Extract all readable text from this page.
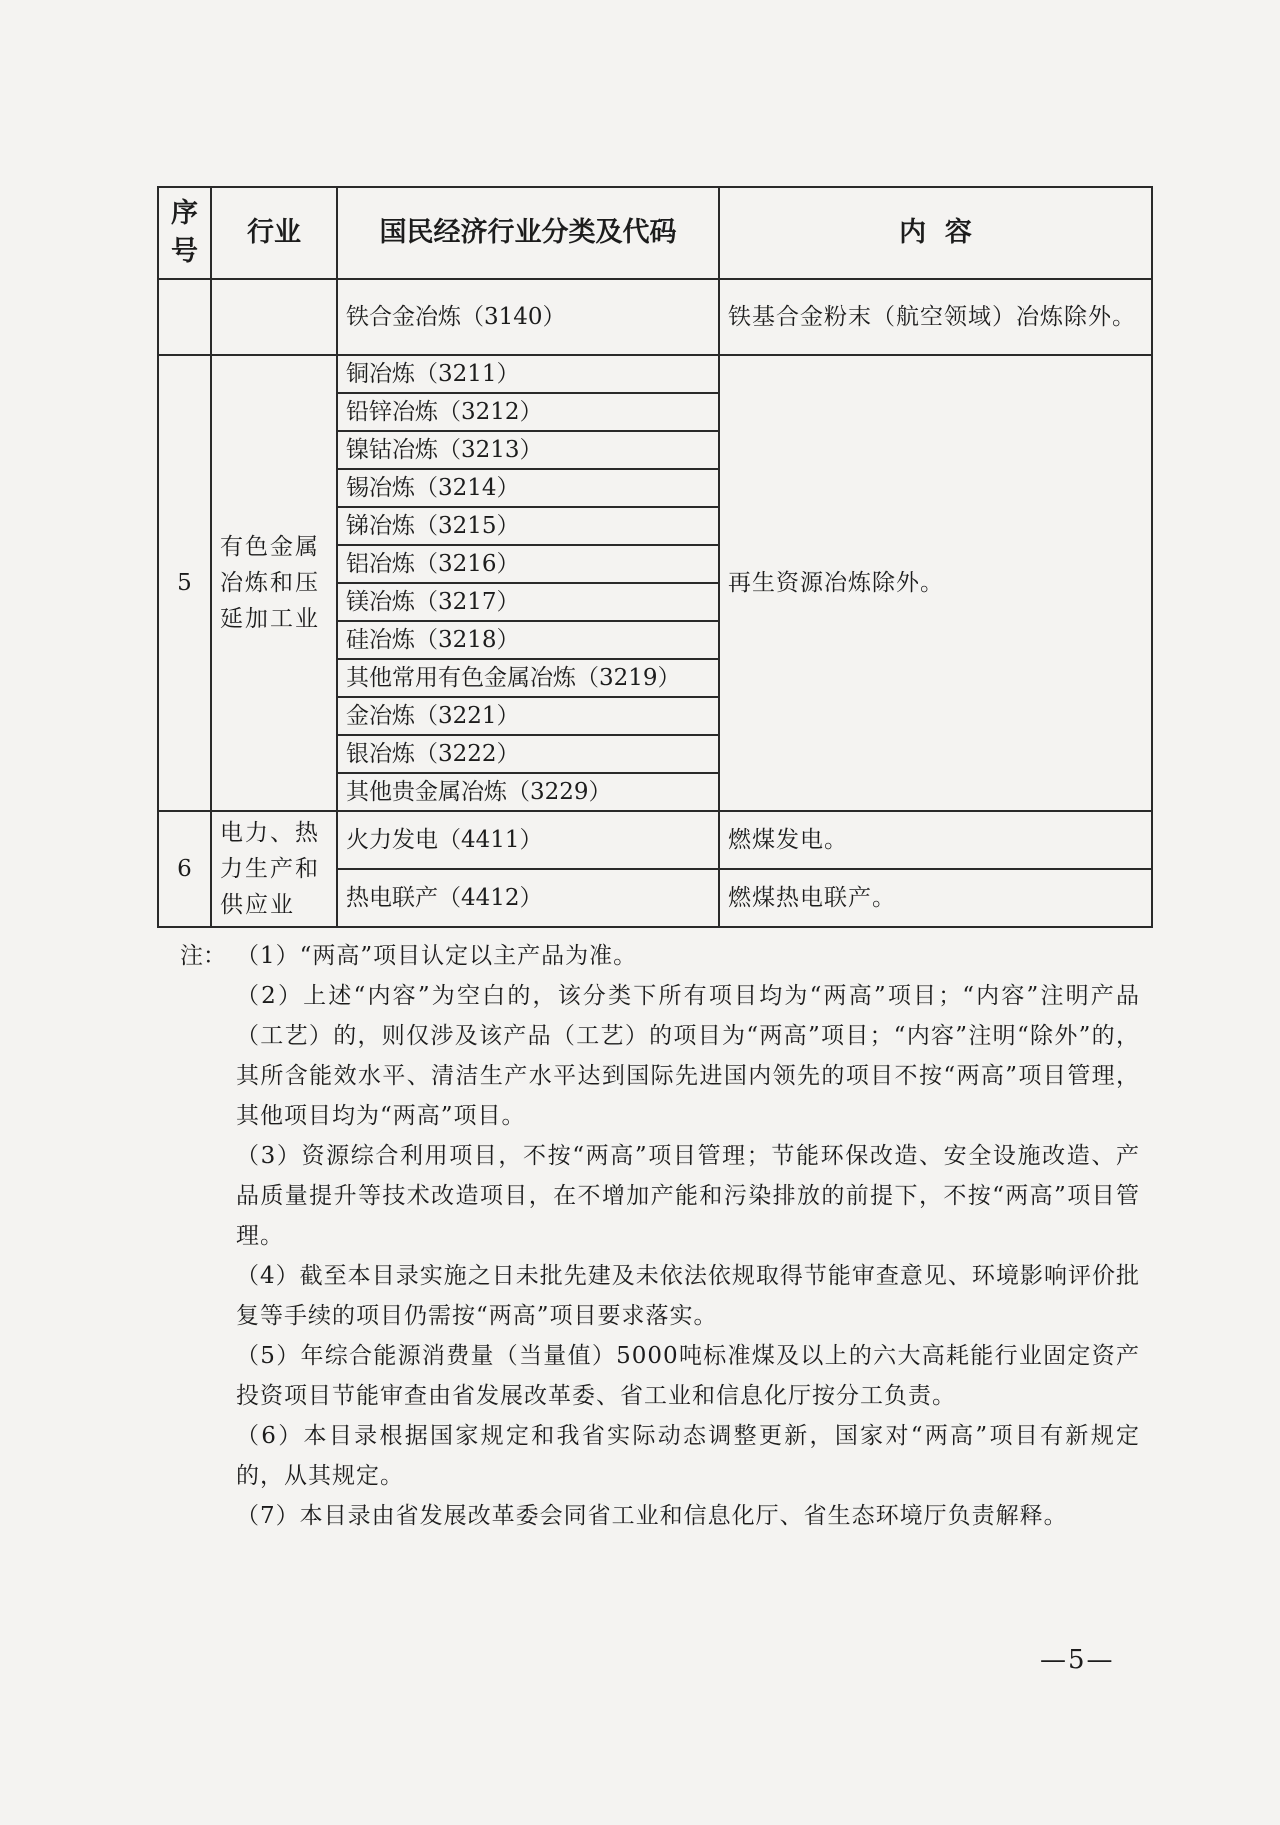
序
号	行业	国民经济行业分类及代码	内  容
		铁合金冶炼（3140）	铁基合金粉末（航空领域）冶炼除外。
5	有色金属冶炼和压延加工业	铜冶炼（3211）	再生资源冶炼除外。
		铅锌冶炼（3212）	
		镍钴冶炼（3213）	
		锡冶炼（3214）	
		锑冶炼（3215）	
		铝冶炼（3216）	
		镁冶炼（3217）	
		硅冶炼（3218）	
		其他常用有色金属冶炼（3219）	
		金冶炼（3221）	
		银冶炼（3222）	
		其他贵金属冶炼（3229）	
6	电力、热力生产和供应业	火力发电（4411）	燃煤发电。
		热电联产（4412）	燃煤热电联产。
注： （1）“两高”项目认定以主产品为准。
（2）上述“内容”为空白的，该分类下所有项目均为“两高”项目；“内容”注明产品（工艺）的，则仅涉及该产品（工艺）的项目为“两高”项目；“内容”注明“除外”的，其所含能效水平、清洁生产水平达到国际先进国内领先的项目不按“两高”项目管理，其他项目均为“两高”项目。
（3）资源综合利用项目，不按“两高”项目管理；节能环保改造、安全设施改造、产品质量提升等技术改造项目，在不增加产能和污染排放的前提下，不按“两高”项目管理。
（4）截至本目录实施之日未批先建及未依法依规取得节能审查意见、环境影响评价批复等手续的项目仍需按“两高”项目要求落实。
（5）年综合能源消费量（当量值）5000吨标准煤及以上的六大高耗能行业固定资产投资项目节能审查由省发展改革委、省工业和信息化厅按分工负责。
（6）本目录根据国家规定和我省实际动态调整更新，国家对“两高”项目有新规定的，从其规定。
（7）本目录由省发展改革委会同省工业和信息化厅、省生态环境厅负责解释。
—5—
